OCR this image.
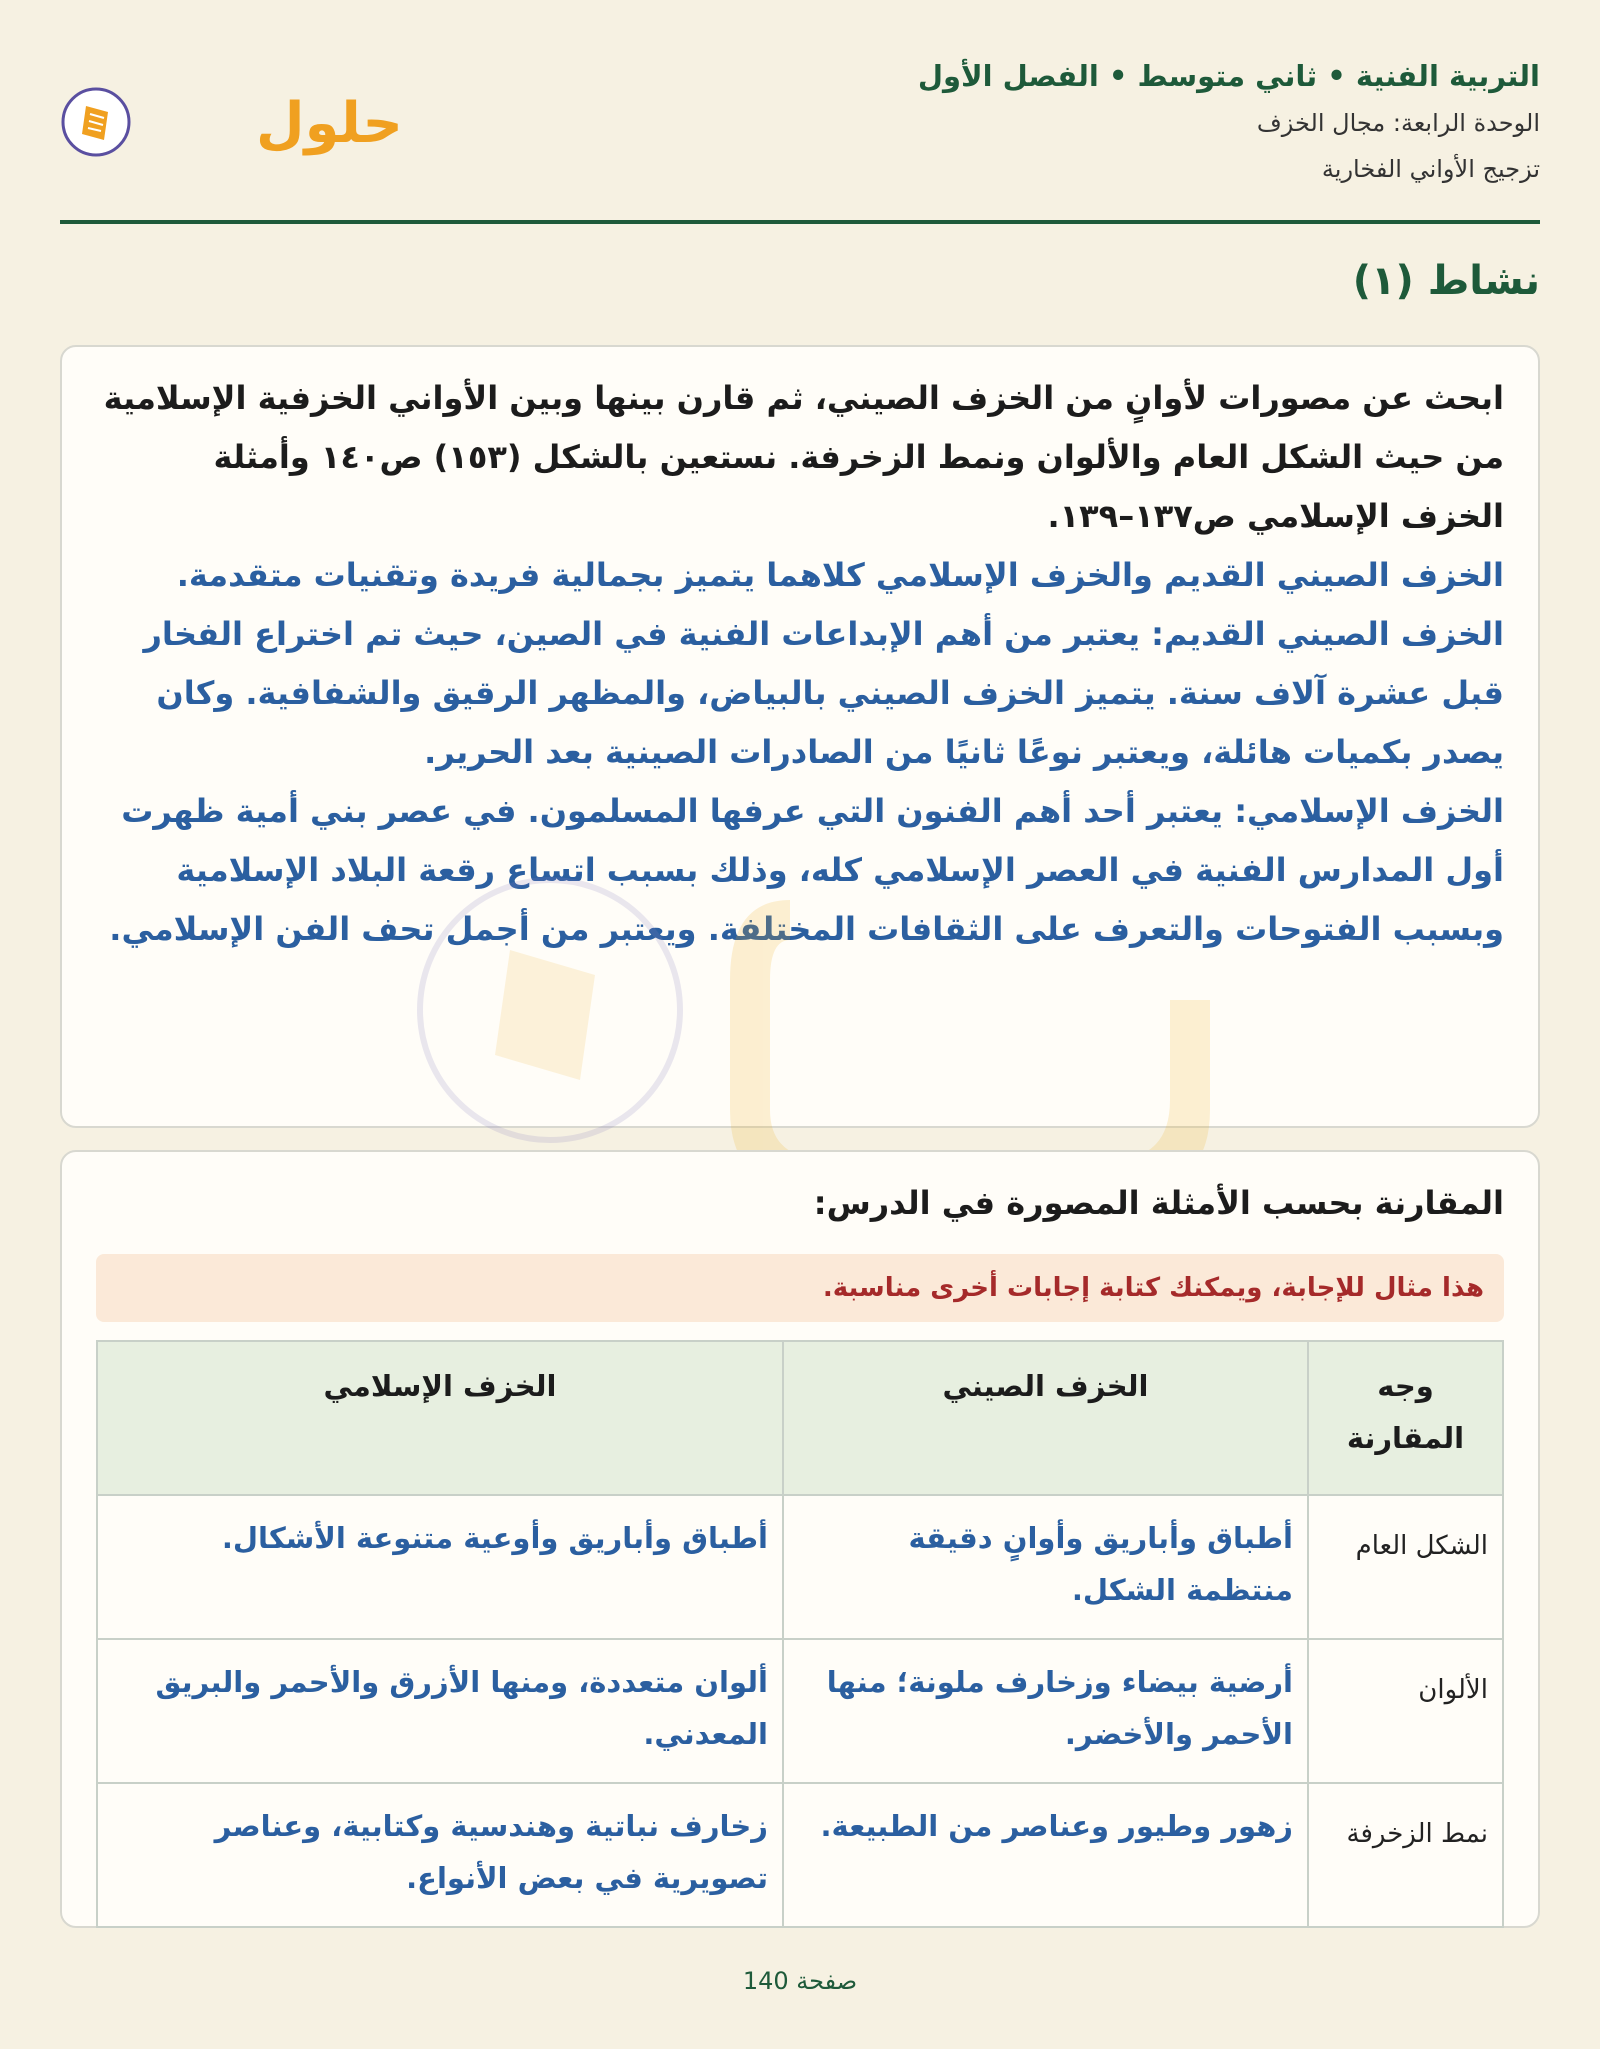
التربية الفنية • ثاني متوسط • الفصل الأول
الوحدة الرابعة: مجال الخزف
تزجيج الأواني الفخارية
حلول
نشاط (١)

ابحث عن مصورات لأوانٍ من الخزف الصيني، ثم قارن بينها وبين الأواني الخزفية الإسلامية من حيث الشكل العام والألوان ونمط الزخرفة. نستعين بالشكل (١٥٣) ص١٤٠ وأمثلة الخزف الإسلامي ص١٣٧–١٣٩.

الخزف الصيني القديم والخزف الإسلامي كلاهما يتميز بجمالية فريدة وتقنيات متقدمة.

الخزف الصيني القديم: يعتبر من أهم الإبداعات الفنية في الصين، حيث تم اختراع الفخار قبل عشرة آلاف سنة. يتميز الخزف الصيني بالبياض، والمظهر الرقيق والشفافية. وكان يصدر بكميات هائلة، ويعتبر نوعًا ثانيًا من الصادرات الصينية بعد الحرير.

الخزف الإسلامي: يعتبر أحد أهم الفنون التي عرفها المسلمون. في عصر بني أمية ظهرت أول المدارس الفنية في العصر الإسلامي كله، وذلك بسبب اتساع رقعة البلاد الإسلامية وبسبب الفتوحات والتعرف على الثقافات المختلفة. ويعتبر من أجمل تحف الفن الإسلامي.

المقارنة بحسب الأمثلة المصورة في الدرس:
هذا مثال للإجابة، ويمكنك كتابة إجابات أخرى مناسبة.
وجه المقارنة	الخزف الصيني	الخزف الإسلامي
الشكل العام	أطباق وأباريق وأوانٍ دقيقة منتظمة الشكل.	أطباق وأباريق وأوعية متنوعة الأشكال.
الألوان	أرضية بيضاء وزخارف ملونة؛ منها الأحمر والأخضر.	ألوان متعددة، ومنها الأزرق والأحمر والبريق المعدني.
نمط الزخرفة	زهور وطيور وعناصر من الطبيعة.	زخارف نباتية وهندسية وكتابية، وعناصر تصويرية في بعض الأنواع.
صفحة 140
